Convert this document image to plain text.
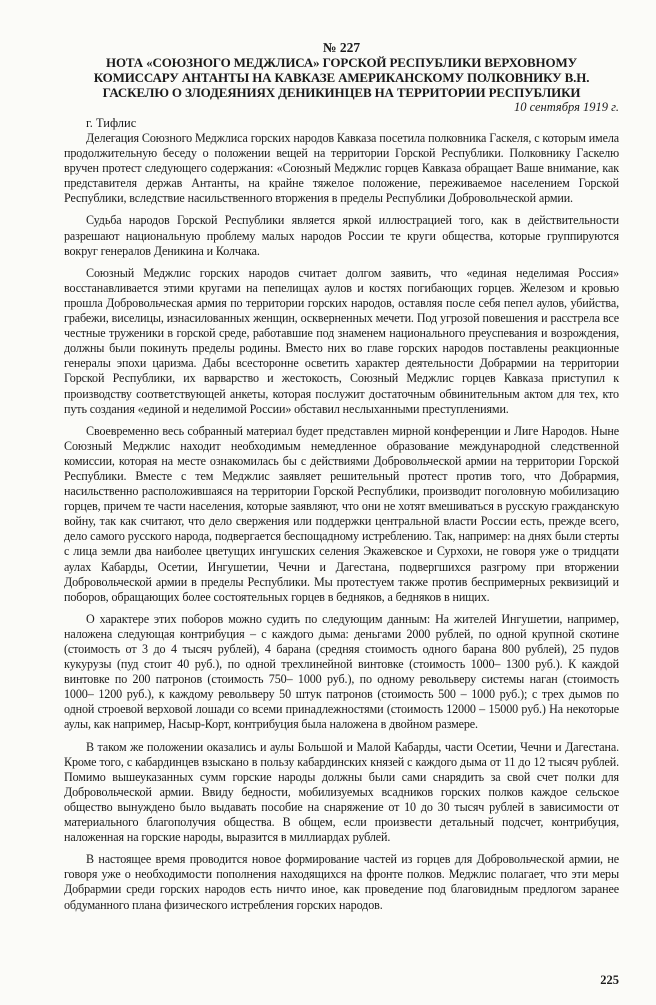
№ 227
НОТА «СОЮЗНОГО МЕДЖЛИСА» ГОРСКОЙ РЕСПУБЛИКИ ВЕРХОВНОМУ КОМИССАРУ АНТАНТЫ НА КАВКАЗЕ АМЕРИКАНСКОМУ ПОЛКОВНИКУ В.Н. ГАСКЕЛЮ О ЗЛОДЕЯНИЯХ ДЕНИКИНЦЕВ НА ТЕРРИТОРИИ РЕСПУБЛИКИ
10 сентября 1919 г.
г. Тифлис

Делегация Союзного Меджлиса горских народов Кавказа посетила полковника Гаскеля, с которым имела продолжительную беседу о положении вещей на территории Горской Республики. Полковнику Гаскелю вручен протест следующего содержания: «Союзный Меджлис горцев Кавказа обращает Ваше внимание, как представителя держав Антанты, на крайне тяжелое положение, переживаемое населением Горской Республики, вследствие насильственного вторжения в пределы Республики Добровольческой армии.

Судьба народов Горской Республики является яркой иллюстрацией того, как в действительности разрешают национальную проблему малых народов России те круги общества, которые группируются вокруг генералов Деникина и Колчака.

Союзный Меджлис горских народов считает долгом заявить, что «единая неделимая Россия» восстанавливается этими кругами на пепелищах аулов и костях погибающих горцев. Железом и кровью прошла Добровольческая армия по территории горских народов, оставляя после себя пепел аулов, убийства, грабежи, виселицы, изнасилованных женщин, оскверненных мечети. Под угрозой повешения и расстрела все честные труженики в горской среде, работавшие под знаменем национального преуспевания и возрождения, должны были покинуть пределы родины. Вместо них во главе горских народов поставлены реакционные генералы эпохи царизма. Дабы всесторонне осветить характер деятельности Добрармии на территории Горской Республики, их варварство и жестокость, Союзный Меджлис горцев Кавказа приступил к производству соответствующей анкеты, которая послужит достаточным обвинительным актом для тех, кто путь создания «единой и неделимой России» обставил неслыханными преступлениями.

Своевременно весь собранный материал будет представлен мирной конференции и Лиге Народов. Ныне Союзный Меджлис находит необходимым немедленное образование международной следственной комиссии, которая на месте ознакомилась бы с действиями Добровольческой армии на территории Горской Республики. Вместе с тем Меджлис заявляет решительный протест против того, что Добрармия, насильственно расположившаяся на территории Горской Республики, производит поголовную мобилизацию горцев, причем те части населения, которые заявляют, что они не хотят вмешиваться в русскую гражданскую войну, так как считают, что дело свержения или поддержки центральной власти России есть, прежде всего, дело самого русского народа, подвергается беспощадному истреблению. Так, например: на днях были стерты с лица земли два наиболее цветущих ингушских селения Экажевское и Сурхохи, не говоря уже о тридцати аулах Кабарды, Осетии, Ингушетии, Чечни и Дагестана, подвергшихся разгрому при вторжении Добровольческой армии в пределы Республики. Мы протестуем также против беспримерных реквизиций и поборов, обращающих более состоятельных горцев в бедняков, а бедняков в нищих.

О характере этих поборов можно судить по следующим данным: На жителей Ингушетии, например, наложена следующая контрибуция – с каждого дыма: деньгами 2000 рублей, по одной крупной скотине (стоимость от 3 до 4 тысяч рублей), 4 барана (средняя стоимость одного барана 800 рублей), 25 пудов кукурузы (пуд стоит 40 руб.), по одной трехлинейной винтовке (стоимость 1000– 1300 руб.). К каждой винтовке по 200 патронов (стоимость 750– 1000 руб.), по одному револьверу системы наган (стоимость 1000– 1200 руб.), к каждому револьверу 50 штук патронов (стоимость 500 – 1000 руб.); с трех дымов по одной строевой верховой лошади со всеми принадлежностями (стоимость 12000 – 15000 руб.) На некоторые аулы, как например, Насыр-Корт, контрибуция была наложена в двойном размере.

В таком же положении оказались и аулы Большой и Малой Кабарды, части Осетии, Чечни и Дагестана. Кроме того, с кабардинцев взыскано в пользу кабардинских князей с каждого дыма от 11 до 12 тысяч рублей. Помимо вышеуказанных сумм горские народы должны были сами снарядить за свой счет полки для Добровольческой армии. Ввиду бедности, мобилизуемых всадников горских полков каждое сельское общество вынуждено было выдавать пособие на снаряжение от 10 до 30 тысяч рублей в зависимости от материального благополучия общества. В общем, если произвести детальный подсчет, контрибуция, наложенная на горские народы, выразится в миллиардах рублей.

В настоящее время проводится новое формирование частей из горцев для Добровольческой армии, не говоря уже о необходимости пополнения находящихся на фронте полков. Меджлис полагает, что эти меры Добрармии среди горских народов есть ничто иное, как проведение под благовидным предлогом заранее обдуманного плана физического истребления горских народов.

225
